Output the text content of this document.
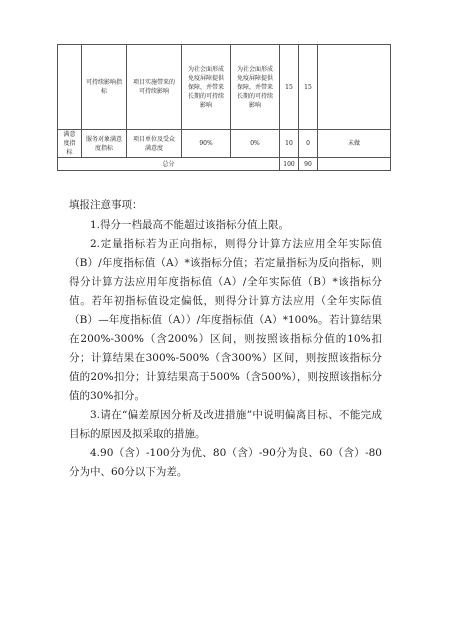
	可持续影响指标	项目实施带来的可持续影响	为社会面形成免疫屏障提供保障，并带来长期的可持续影响	为社会面形成免疫屏障提供保障，并带来长期的可持续影响	15	15	

满意度指标	服务对象满意度指标	项目单位及受众满意度	90%	0%	10	0	未做
总分					100	90	
填报注意事项：

1.得分一档最高不能超过该指标分值上限。

2.定量指标若为正向指标，则得分计算方法应用全年实际值（B）/年度指标值（A）*该指标分值；若定量指标为反向指标，则得分计算方法应用年度指标值（A）/全年实际值（B）*该指标分值。若年初指标值设定偏低，则得分计算方法应用（全年实际值（B）—年度指标值（A））/年度指标值（A）*100%。若计算结果在200%-300%（含200%）区间，则按照该指标分值的10%扣分；计算结果在300%-500%（含300%）区间，则按照该指标分值的20%扣分；计算结果高于500%（含500%），则按照该指标分值的30%扣分。

3.请在“偏差原因分析及改进措施”中说明偏离目标、不能完成目标的原因及拟采取的措施。

4.90（含）-100分为优、80（含）-90分为良、60（含）-80分为中、60分以下为差。
